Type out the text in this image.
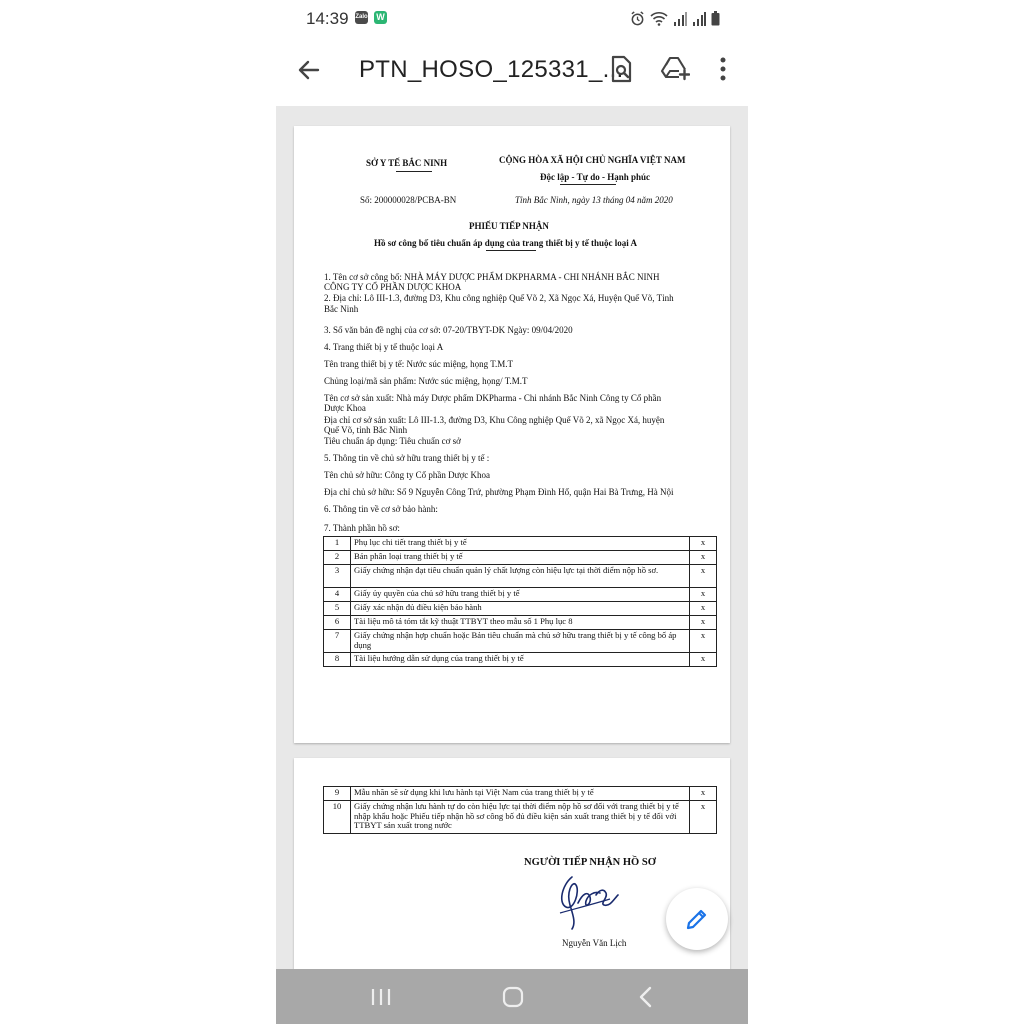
14:39 Zalo W
PTN_HOSO_125331_...
SỞ Y TẾ BẮC NINH	CỘNG HÒA XÃ HỘI CHỦ NGHĨA VIỆT NAM
Độc lập - Tự do - Hạnh phúc
Số: 200000028/PCBA-BN	Tỉnh Bắc Ninh, ngày 13 tháng 04 năm 2020
PHIẾU TIẾP NHẬN
Hồ sơ công bố tiêu chuẩn áp dụng của trang thiết bị y tế thuộc loại A
1. Tên cơ sở công bố: NHÀ MÁY DƯỢC PHẨM DKPHARMA - CHI NHÁNH BẮC NINH
CÔNG TY CỔ PHẦN DƯỢC KHOA
2. Địa chỉ: Lô III-1.3, đường D3, Khu công nghiệp Quế Võ 2, Xã Ngọc Xá, Huyện Quế Võ, Tỉnh
Bắc Ninh
3. Số văn bản đề nghị của cơ sở: 07-20/TBYT-DK Ngày: 09/04/2020
4. Trang thiết bị y tế thuộc loại A
Tên trang thiết bị y tế: Nước súc miệng, họng T.M.T
Chủng loại/mã sản phẩm: Nước súc miệng, họng/ T.M.T
Tên cơ sở sản xuất: Nhà máy Dược phẩm DKPharma - Chi nhánh Bắc Ninh Công ty Cổ phần
Dược Khoa
Địa chỉ cơ sở sản xuất: Lô III-1.3, đường D3, Khu Công nghiệp Quế Võ 2, xã Ngọc Xá, huyện
Quế Võ, tỉnh Bắc Ninh
Tiêu chuẩn áp dụng: Tiêu chuẩn cơ sở
5. Thông tin về chủ sở hữu trang thiết bị y tế :
Tên chủ sở hữu: Công ty Cổ phần Dược Khoa
Địa chỉ chủ sở hữu: Số 9 Nguyễn Công Trứ, phường Phạm Đình Hổ, quận Hai Bà Trưng, Hà Nội
6. Thông tin về cơ sở bảo hành:
7. Thành phần hồ sơ:
1	Phụ lục chi tiết trang thiết bị y tế	x
2	Bản phân loại trang thiết bị y tế	x
3	Giấy chứng nhận đạt tiêu chuẩn quản lý chất lượng còn hiệu lực tại thời điểm nộp hồ sơ.	x
4	Giấy ủy quyền của chủ sở hữu trang thiết bị y tế	x
5	Giấy xác nhận đủ điều kiện bảo hành	x
6	Tài liệu mô tả tóm tắt kỹ thuật TTBYT theo mẫu số 1 Phụ lục 8	x
7	Giấy chứng nhận hợp chuẩn hoặc Bản tiêu chuẩn mà chủ sở hữu trang thiết bị y tế công bố áp dụng	x
8	Tài liệu hướng dẫn sử dụng của trang thiết bị y tế	x
9	Mẫu nhãn sẽ sử dụng khi lưu hành tại Việt Nam của trang thiết bị y tế	x
10	Giấy chứng nhận lưu hành tự do còn hiệu lực tại thời điểm nộp hồ sơ đối với trang thiết bị y tế nhập khẩu hoặc Phiếu tiếp nhận hồ sơ công bố đủ điều kiện sản xuất trang thiết bị y tế đối với TTBYT sản xuất trong nước	x
NGƯỜI TIẾP NHẬN HỒ SƠ
Nguyễn Văn Lịch
